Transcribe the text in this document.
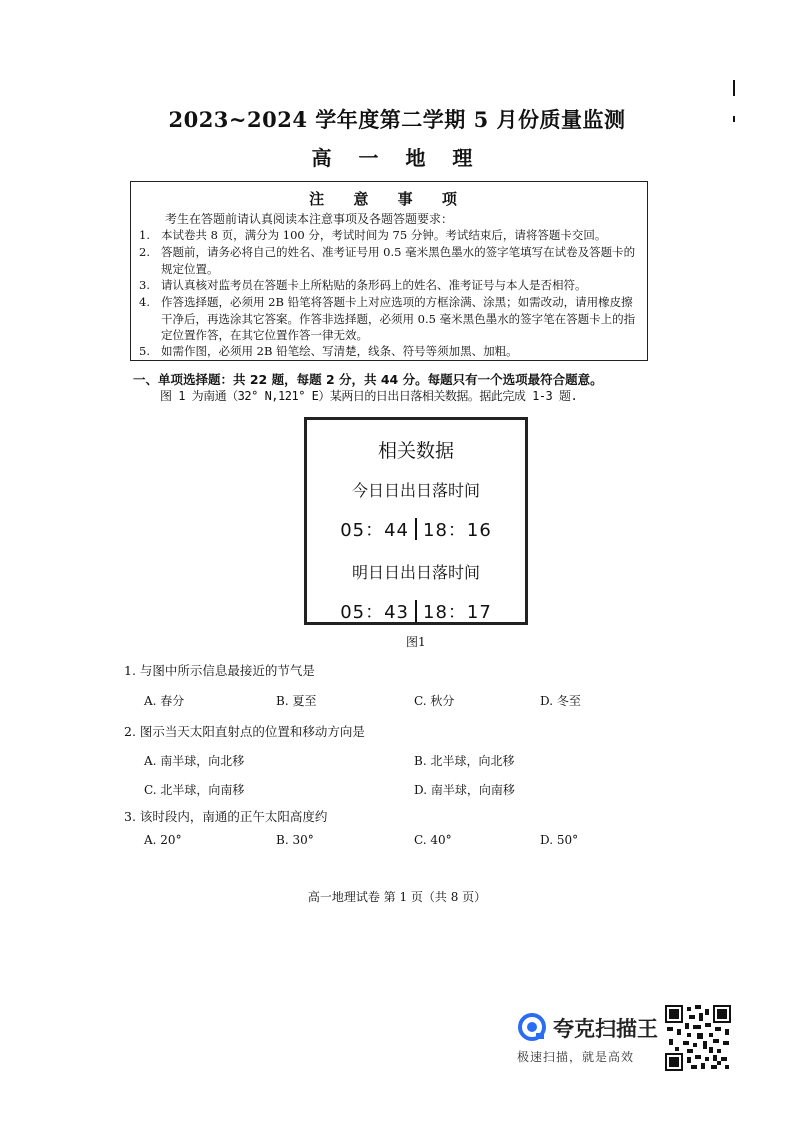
2023~2024 学年度第二学期 5 月份质量监测
高 一 地 理
注 意 事 项
考生在答题前请认真阅读本注意事项及各题答题要求：
1. 本试卷共 8 页，满分为 100 分，考试时间为 75 分钟。考试结束后，请将答题卡交回。
2. 答题前，请务必将自己的姓名、准考证号用 0.5 毫米黑色墨水的签字笔填写在试卷及答题卡的规定位置。
3. 请认真核对监考员在答题卡上所粘贴的条形码上的姓名、准考证号与本人是否相符。
4. 作答选择题，必须用 2B 铅笔将答题卡上对应选项的方框涂满、涂黑；如需改动，请用橡皮擦干净后，再选涂其它答案。作答非选择题，必须用 0.5 毫米黑色墨水的签字笔在答题卡上的指定位置作答，在其它位置作答一律无效。
5. 如需作图，必须用 2B 铅笔绘、写清楚，线条、符号等须加黑、加粗。
一、单项选择题：共 22 题，每题 2 分，共 44 分。每题只有一个选项最符合题意。
图 1 为南通（32° N,121° E）某两日的日出日落相关数据。据此完成 1-3 题.
相关数据
今日日出日落时间
05：44 18：16
明日日出日落时间
05：43 18：17
图1
1. 与图中所示信息最接近的节气是
A. 春分	B. 夏至	C. 秋分	D. 冬至
2. 图示当天太阳直射点的位置和移动方向是
A. 南半球，向北移	B. 北半球，向北移
C. 北半球，向南移	D. 南半球，向南移
3. 该时段内，南通的正午太阳高度约
A. 20°	B. 30°	C. 40°	D. 50°
高一地理试卷 第 1 页（共 8 页）
夸克扫描王
极速扫描，就是高效
